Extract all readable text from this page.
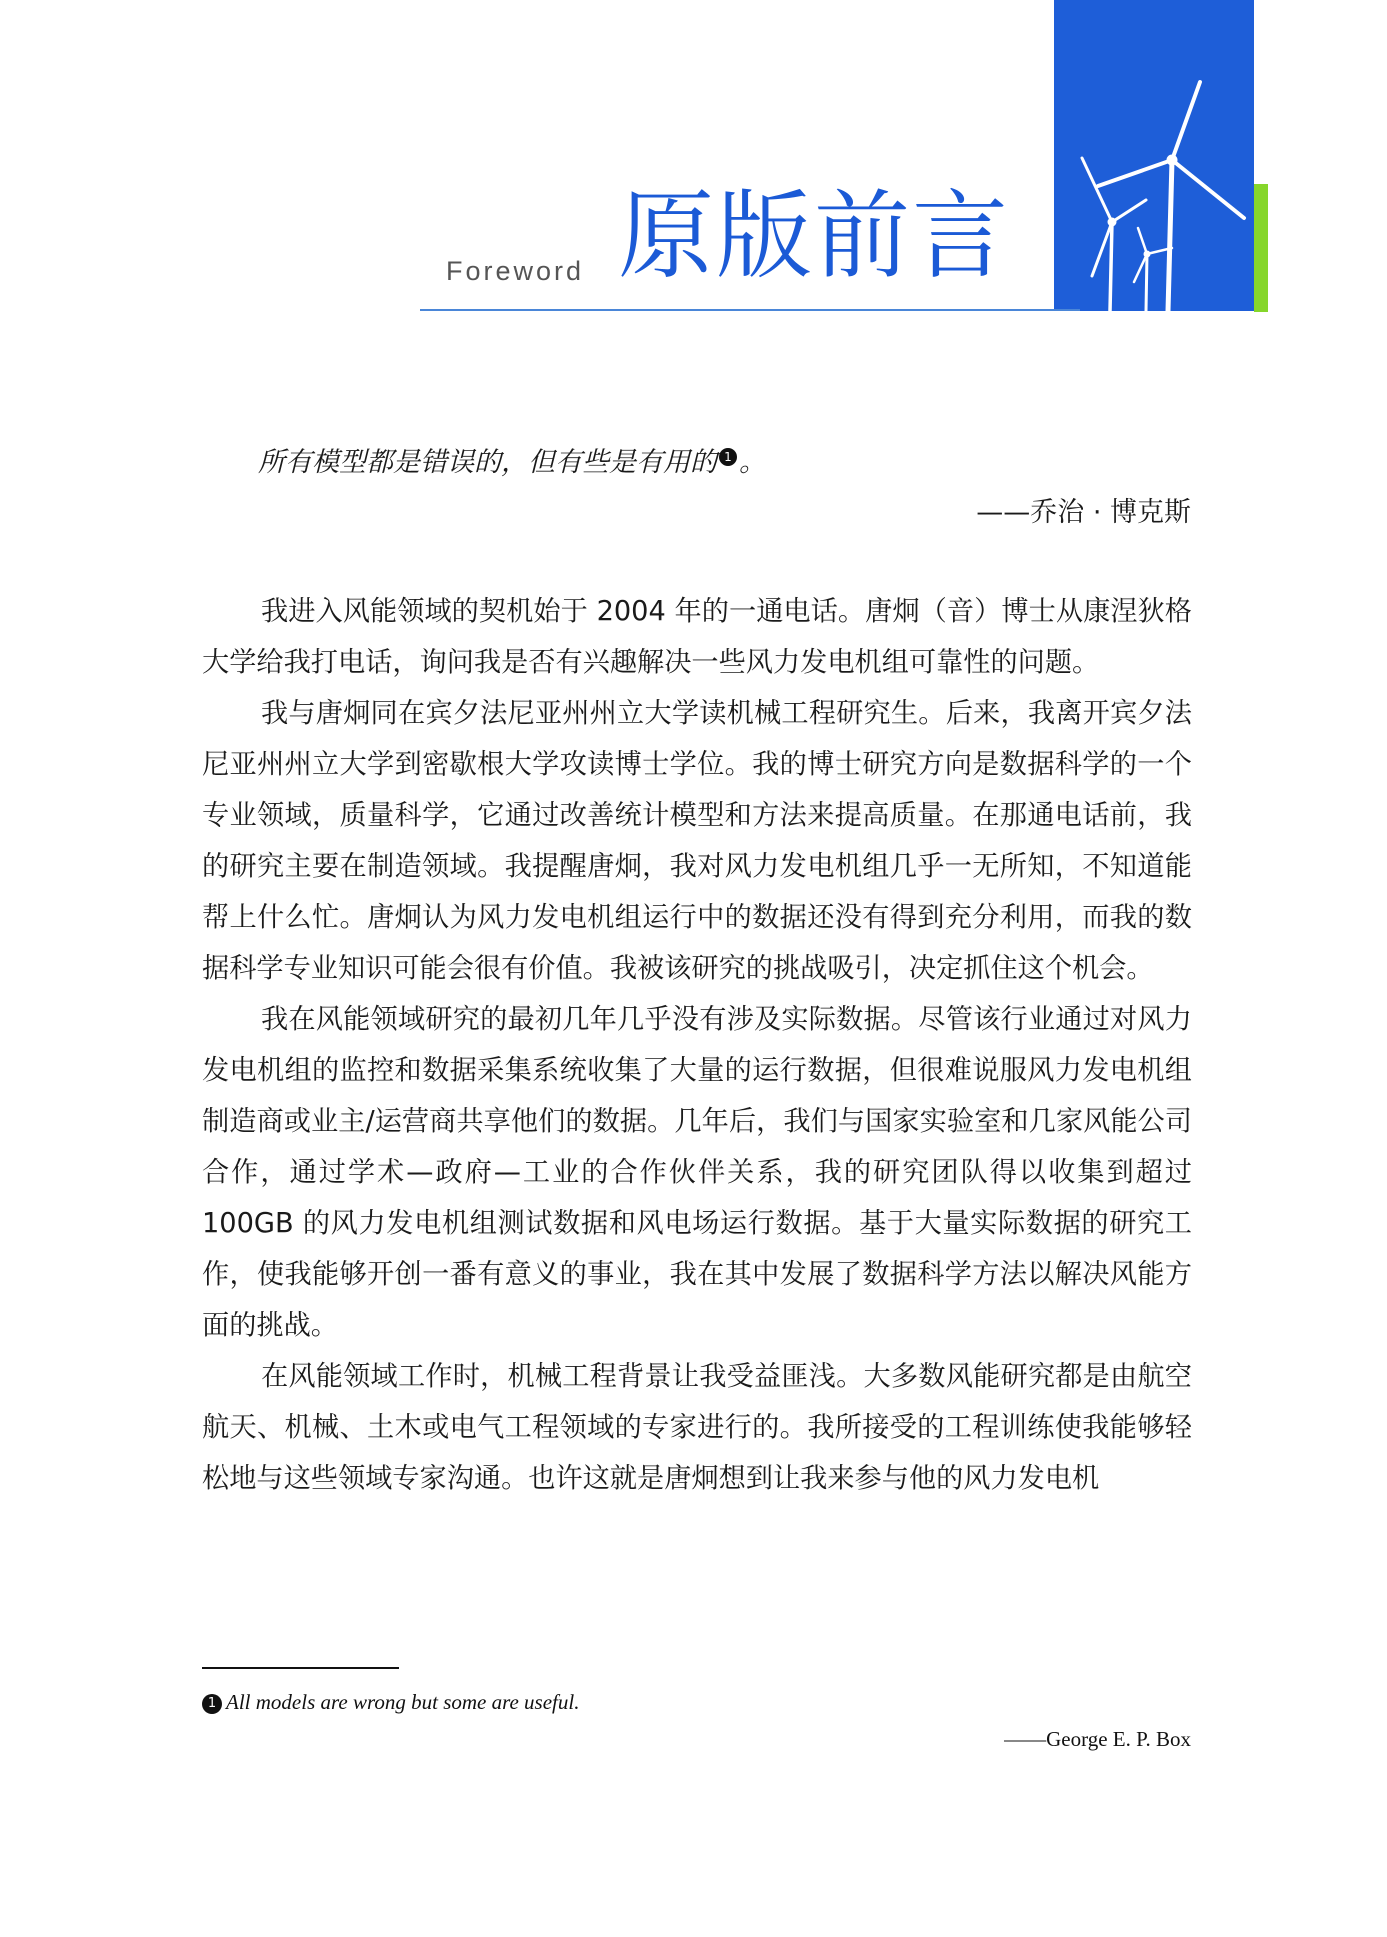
Foreword 原版前言
所有模型都是错误的，但有些是有用的 1 。
——乔治 · 博克斯

我进入风能领域的契机始于 2004 年的一通电话。唐炯（音）博士从康涅狄格大学给我打电话，询问我是否有兴趣解决一些风力发电机组可靠性的问题。

我与唐炯同在宾夕法尼亚州州立大学读机械工程研究生。后来，我离开宾夕法尼亚州州立大学到密歇根大学攻读博士学位。我的博士研究方向是数据科学的一个专业领域，质量科学，它通过改善统计模型和方法来提高质量。在那通电话前，我的研究主要在制造领域。我提醒唐炯，我对风力发电机组几乎一无所知，不知道能帮上什么忙。唐炯认为风力发电机组运行中的数据还没有得到充分利用，而我的数据科学专业知识可能会很有价值。我被该研究的挑战吸引，决定抓住这个机会。

我在风能领域研究的最初几年几乎没有涉及实际数据。尽管该行业通过对风力发电机组的监控和数据采集系统收集了大量的运行数据，但很难说服风力发电机组制造商或业主/运营商共享他们的数据。几年后，我们与国家实验室和几家风能公司合作，通过学术—政府—工业的合作伙伴关系，我的研究团队得以收集到超过 100GB 的风力发电机组测试数据和风电场运行数据。基于大量实际数据的研究工作，使我能够开创一番有意义的事业，我在其中发展了数据科学方法以解决风能方面的挑战。

在风能领域工作时，机械工程背景让我受益匪浅。大多数风能研究都是由航空航天、机械、土木或电气工程领域的专家进行的。我所接受的工程训练使我能够轻松地与这些领域专家沟通。也许这就是唐炯想到让我来参与他的风力发电机

1 All models are wrong but some are useful.
——George E. P. Box
